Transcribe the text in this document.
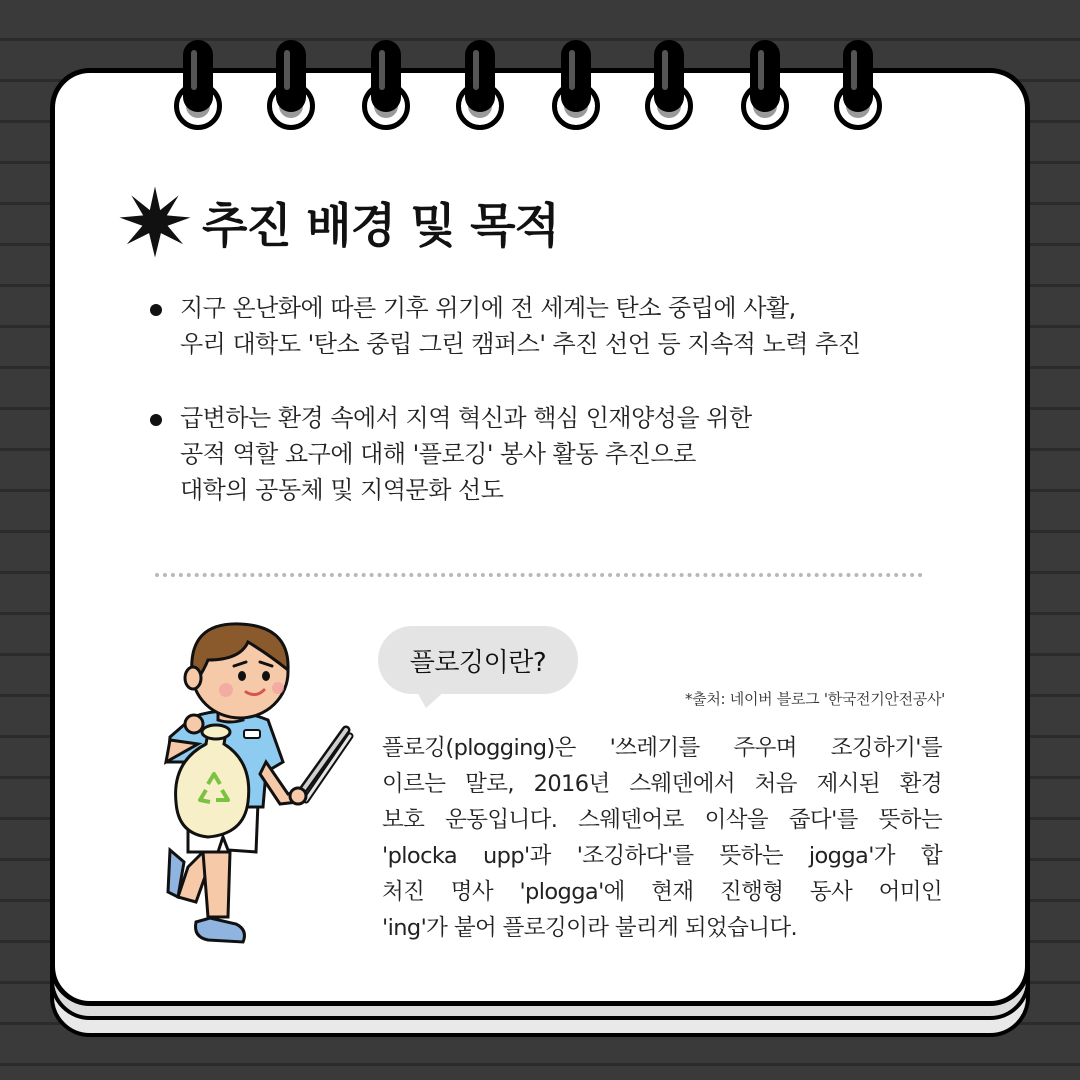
추진 배경 및 목적
지구 온난화에 따른 기후 위기에 전 세계는 탄소 중립에 사활,
우리 대학도 '탄소 중립 그린 캠퍼스' 추진 선언 등 지속적 노력 추진
급변하는 환경 속에서 지역 혁신과 핵심 인재양성을 위한
공적 역할 요구에 대해 '플로깅' 봉사 활동 추진으로
대학의 공동체 및 지역문화 선도
플로깅이란?
*출처: 네이버 블로그 '한국전기안전공사'
플로깅(plogging)은 '쓰레기를 주우며 조깅하기'를
이르는 말로, 2016년 스웨덴에서 처음 제시된 환경
보호 운동입니다. 스웨덴어로 이삭을 줍다'를 뜻하는
'plocka upp'과 '조깅하다'를 뜻하는 jogga'가 합
처진 명사 'plogga'에 현재 진행형 동사 어미인
'ing'가 붙어 플로깅이라 불리게 되었습니다.
